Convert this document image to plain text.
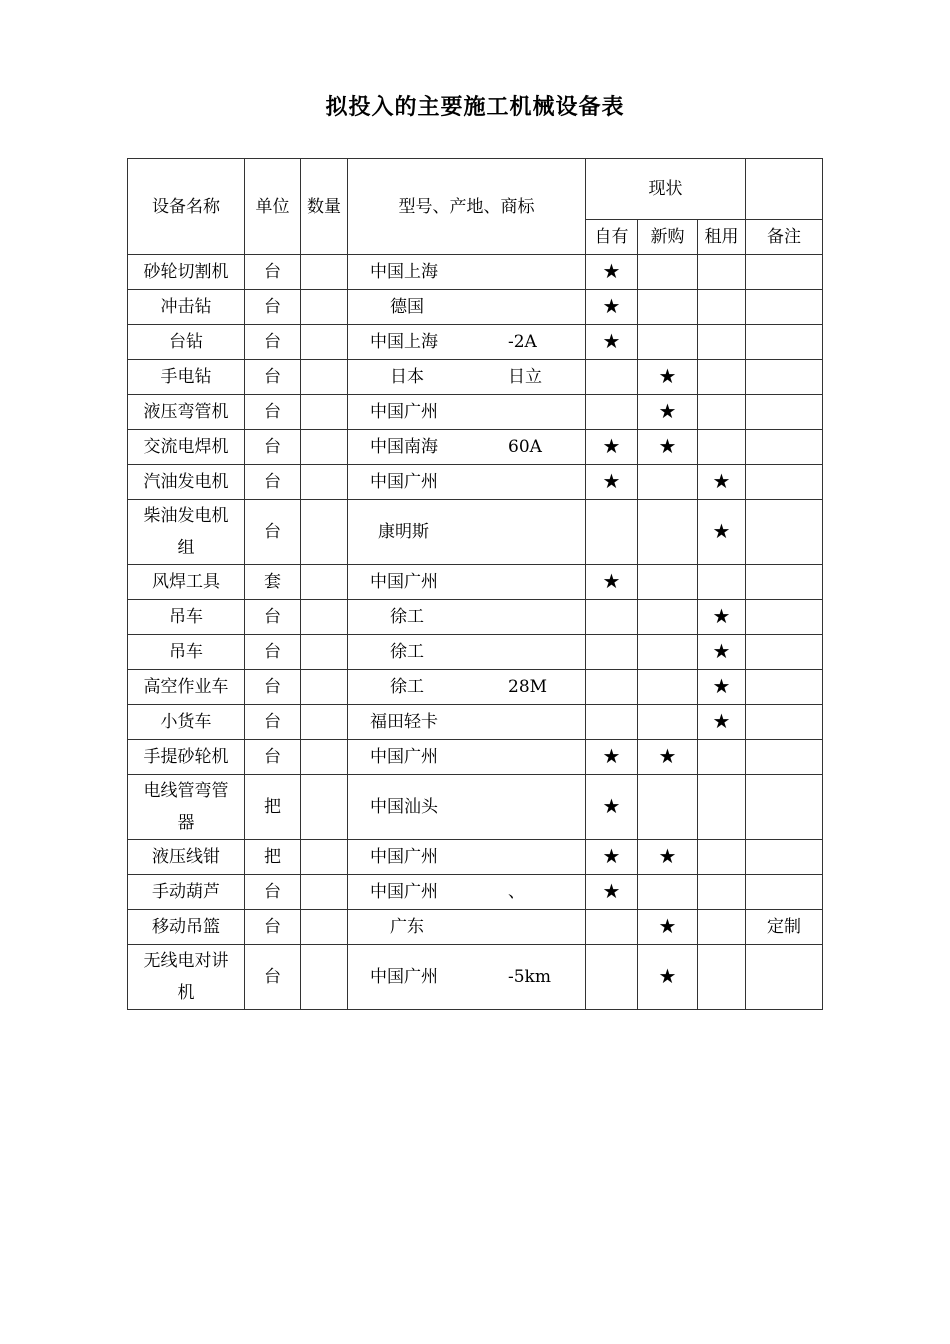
拟投入的主要施工机械设备表
设备名称	单位	数量	型号、产地、商标	现状			
				自有	新购	租用	备注
砂轮切割机	台		中国上海	★			
冲击钻	台		德国	★			
台钻	台		中国上海 -2A	★			
手电钻	台		日本 日立		★		
液压弯管机	台		中国广州		★		
交流电焊机	台		中国南海 60A	★	★		
汽油发电机	台		中国广州	★		★	
柴油发电机组	台		康明斯			★	
风焊工具	套		中国广州	★			
吊车	台		徐工			★	
吊车	台		徐工			★	
高空作业车	台		徐工 28M			★	
小货车	台		福田轻卡			★	
手提砂轮机	台		中国广州	★	★		
电线管弯管器	把		中国汕头	★			
液压线钳	把		中国广州	★	★		
手动葫芦	台		中国广州 、	★			
移动吊篮	台		广东		★		定制
无线电对讲机	台		中国广州 -5km		★		
